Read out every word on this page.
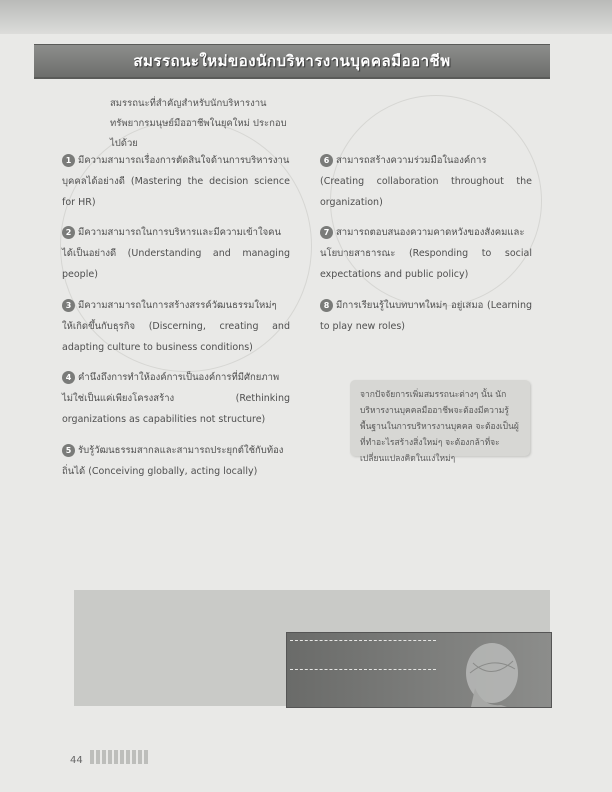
สมรรถนะใหม่ของนักบริหารงานบุคคลมืออาชีพ
สมรรถนะที่สำคัญสำหรับนักบริหารงานทรัพยากรมนุษย์มืออาชีพในยุคใหม่ ประกอบไปด้วย
1 มีความสามารถเรื่องการตัดสินใจด้านการบริหารงานบุคคลได้อย่างดี (Mastering the decision science for HR)
2 มีความสามารถในการบริหารและมีความเข้าใจคนได้เป็นอย่างดี (Understanding and managing people)
3 มีความสามารถในการสร้างสรรค์วัฒนธรรมใหม่ๆ ให้เกิดขึ้นกับธุรกิจ (Discerning, creating and adapting culture to business conditions)
4 คำนึงถึงการทำให้องค์การเป็นองค์การที่มีศักยภาพ ไม่ใช่เป็นแค่เพียงโครงสร้าง (Rethinking organizations as capabilities not structure)
5 รับรู้วัฒนธรรมสากลและสามารถประยุกต์ใช้กับท้องถิ่นได้ (Conceiving globally, acting locally)
6 สามารถสร้างความร่วมมือในองค์การ (Creating collaboration throughout the organization)
7 สามารถตอบสนองความคาดหวังของสังคมและนโยบายสาธารณะ (Responding to social expectations and public policy)
8 มีการเรียนรู้ในบทบาทใหม่ๆ อยู่เสมอ (Learning to play new roles)

จากปัจจัยการเพิ่มสมรรถนะต่างๆ นั้น นักบริหารงานบุคคลมืออาชีพจะต้องมีความรู้พื้นฐานในการบริหารงานบุคคล จะต้องเป็นผู้ที่ทำอะไรสร้างสิ่งใหม่ๆ จะต้องกล้าที่จะเปลี่ยนแปลงคิดในแง่ใหม่ๆ

44
